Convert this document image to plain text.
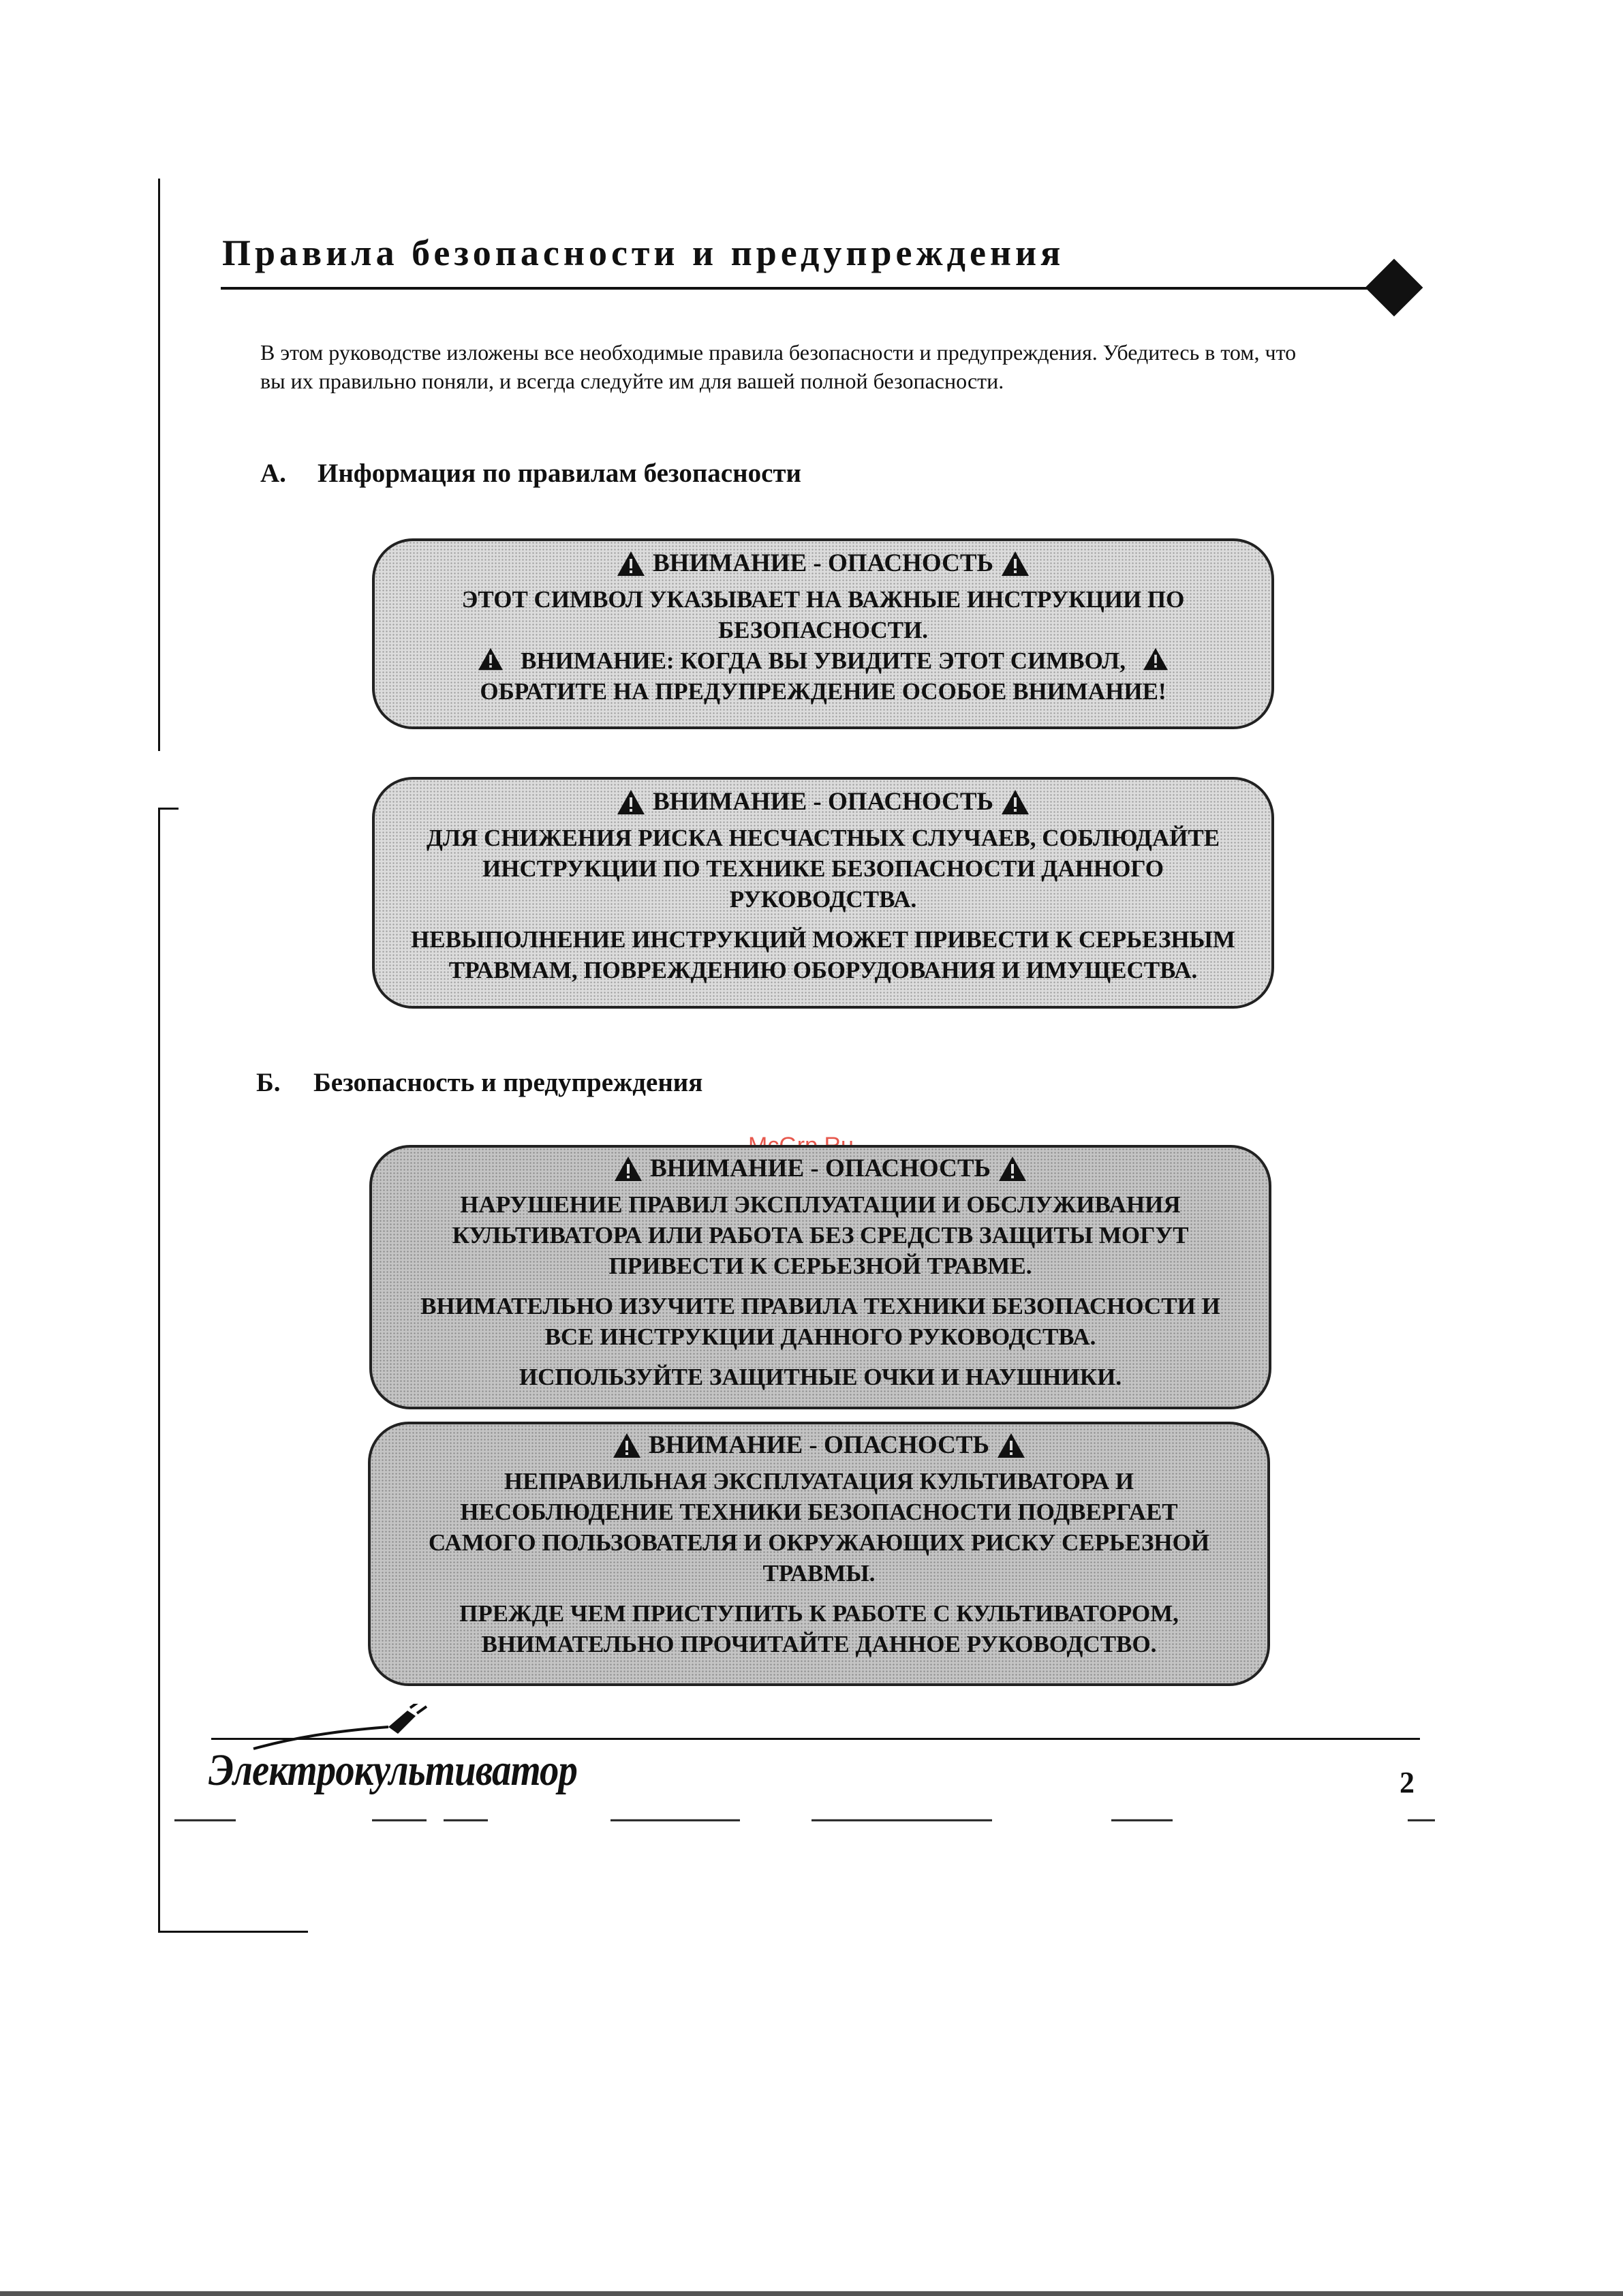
Правила безопасности и предупреждения
В этом руководстве изложены все необходимые правила безопасности и предупреждения. Убедитесь в том, что вы их правильно поняли, и всегда следуйте им для вашей полной безопасности.
А. Информация по правилам безопасности
ВНИМАНИЕ - ОПАСНОСТЬ
ЭТОТ СИМВОЛ УКАЗЫВАЕТ НА ВАЖНЫЕ ИНСТРУКЦИИ ПО
БЕЗОПАСНОСТИ.
ВНИМАНИЕ: КОГДА ВЫ УВИДИТЕ ЭТОТ СИМВОЛ,
ОБРАТИТЕ НА ПРЕДУПРЕЖДЕНИЕ ОСОБОЕ ВНИМАНИЕ!
ВНИМАНИЕ - ОПАСНОСТЬ
ДЛЯ СНИЖЕНИЯ РИСКА НЕСЧАСТНЫХ СЛУЧАЕВ, СОБЛЮДАЙТЕ
ИНСТРУКЦИИ ПО ТЕХНИКЕ БЕЗОПАСНОСТИ ДАННОГО
РУКОВОДСТВА.
НЕВЫПОЛНЕНИЕ ИНСТРУКЦИЙ МОЖЕТ ПРИВЕСТИ К СЕРЬЕЗНЫМ
ТРАВМАМ, ПОВРЕЖДЕНИЮ ОБОРУДОВАНИЯ И ИМУЩЕСТВА.
Б. Безопасность и предупреждения
ВНИМАНИЕ - ОПАСНОСТЬ
НАРУШЕНИЕ ПРАВИЛ ЭКСПЛУАТАЦИИ И ОБСЛУЖИВАНИЯ
КУЛЬТИВАТОРА ИЛИ РАБОТА БЕЗ СРЕДСТВ ЗАЩИТЫ МОГУТ
ПРИВЕСТИ К СЕРЬЕЗНОЙ ТРАВМЕ.
ВНИМАТЕЛЬНО ИЗУЧИТЕ ПРАВИЛА ТЕХНИКИ БЕЗОПАСНОСТИ И
ВСЕ ИНСТРУКЦИИ ДАННОГО РУКОВОДСТВА.
ИСПОЛЬЗУЙТЕ ЗАЩИТНЫЕ ОЧКИ И НАУШНИКИ.
ВНИМАНИЕ - ОПАСНОСТЬ
НЕПРАВИЛЬНАЯ ЭКСПЛУАТАЦИЯ КУЛЬТИВАТОРА И
НЕСОБЛЮДЕНИЕ ТЕХНИКИ БЕЗОПАСНОСТИ ПОДВЕРГАЕТ
САМОГО ПОЛЬЗОВАТЕЛЯ И ОКРУЖАЮЩИХ РИСКУ СЕРЬЕЗНОЙ
ТРАВМЫ.
ПРЕЖДЕ ЧЕМ ПРИСТУПИТЬ К РАБОТЕ С КУЛЬТИВАТОРОМ,
ВНИМАТЕЛЬНО ПРОЧИТАЙТЕ ДАННОЕ РУКОВОДСТВО.
Электрокультиватор	2
